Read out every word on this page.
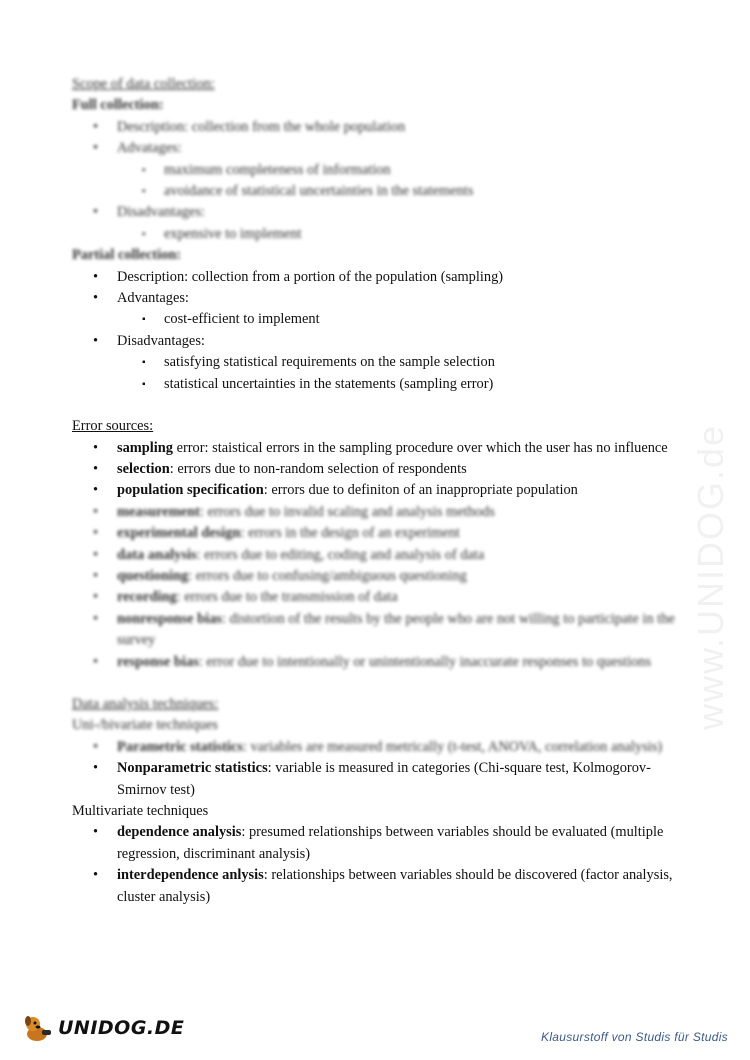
www.UNIDOG.de

Scope of data collection:

Full collection:

• Description: collection from the whole population
• Advatages:
▪ maximum completeness of information
▪ avoidance of statistical uncertainties in the statements
• Disadvantages:
▪ expensive to implement

Partial collection:

• Description: collection from a portion of the population (sampling)
• Advantages:
▪ cost-efficient to implement
• Disadvantages:
▪ satisfying statistical requirements on the sample selection
▪ statistical uncertainties in the statements (sampling error)

Error sources:

• sampling error: staistical errors in the sampling procedure over which the user has no influence
• selection: errors due to non-random selection of respondents
• population specification: errors due to definiton of an inappropriate population
• measurement: errors due to invalid scaling and analysis methods
• experimental design: errors in the design of an experiment
• data analysis: errors due to editing, coding and analysis of data
• questioning: errors due to confusing/ambiguous questioning
• recording: errors due to the transmission of data
• nonresponse bias: distortion of the results by the people who are not willing to participate in the survey
• response bias: error due to intentionally or unintentionally inaccurate responses to questions

Data analysis techniques:

Uni-/bivariate techniques

• Parametric statistics: variables are measured metrically (t-test, ANOVA, correlation analysis)
• Nonparametric statistics: variable is measured in categories (Chi-square test, Kolmogorov-Smirnov test)

Multivariate techniques

• dependence analysis: presumed relationships between variables should be evaluated (multiple regression, discriminant analysis)
• interdependence anlysis: relationships between variables should be discovered (factor analysis, cluster analysis)
UNIDOG.DE	Klausurstoff von Studis für Studis
